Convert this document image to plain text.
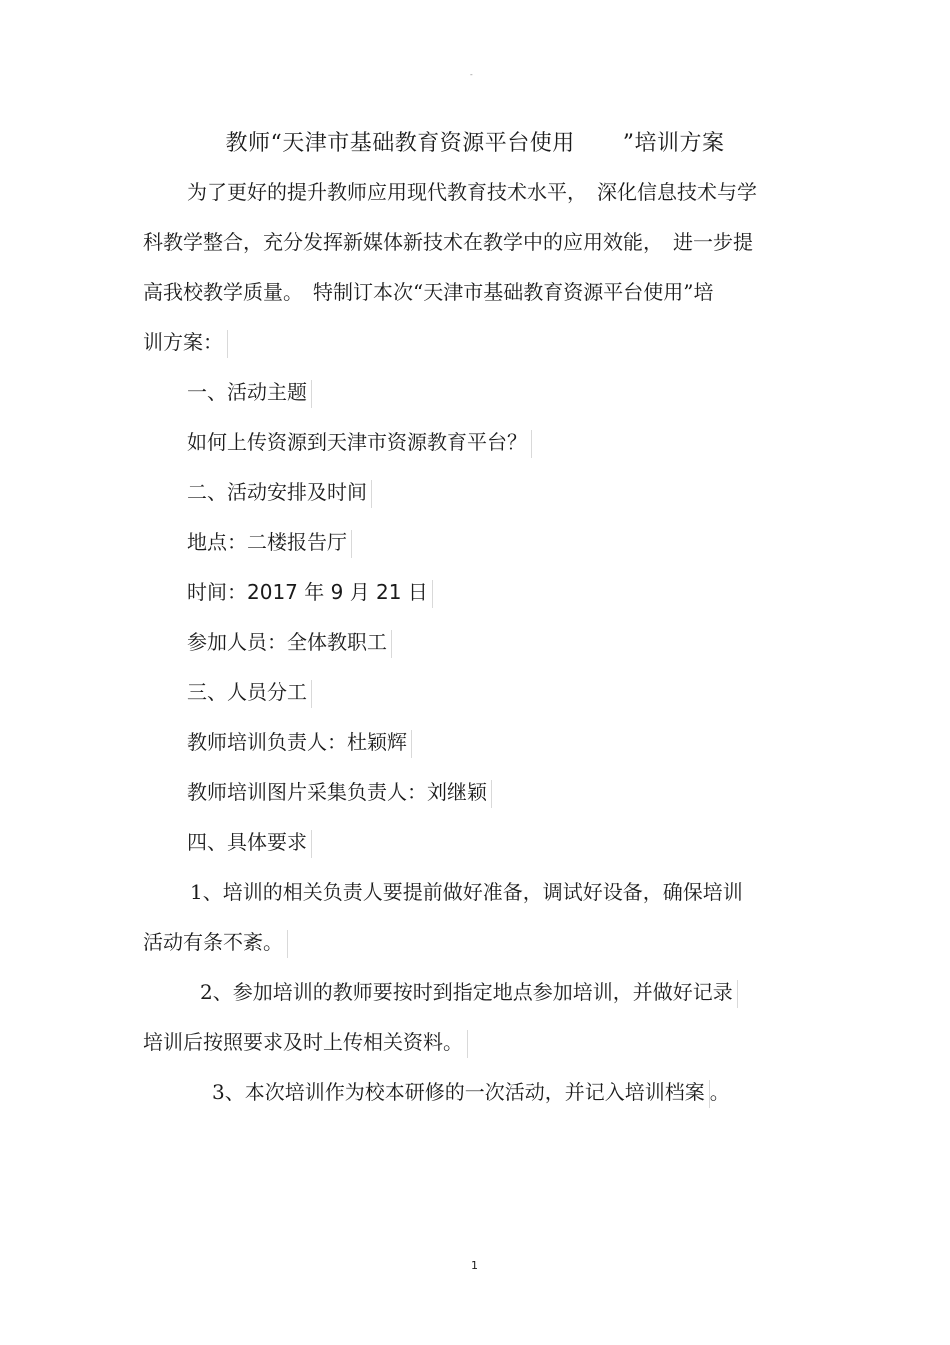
-
教师“天津市基础教育资源平台使用 ”培训方案
为了更好的提升教师应用现代教育技术水平，　深化信息技术与学
科教学整合，充分发挥新媒体新技术在教学中的应用效能，　进一步提
高我校教学质量。　特制订本次“天津市基础教育资源平台使用”培
训方案：
一、活动主题
如何上传资源到天津市资源教育平台？
二、活动安排及时间
地点：二楼报告厅
时间：2017 年 9 月 21 日
参加人员：全体教职工
三、人员分工
教师培训负责人：杜颖辉
教师培训图片采集负责人：刘继颖
四、具体要求
1、培训的相关负责人要提前做好准备，调试好设备，确保培训
活动有条不紊。
2、参加培训的教师要按时到指定地点参加培训，并做好记录
培训后按照要求及时上传相关资料。
3、本次培训作为校本研修的一次活动，并记入培训档案 。
1
